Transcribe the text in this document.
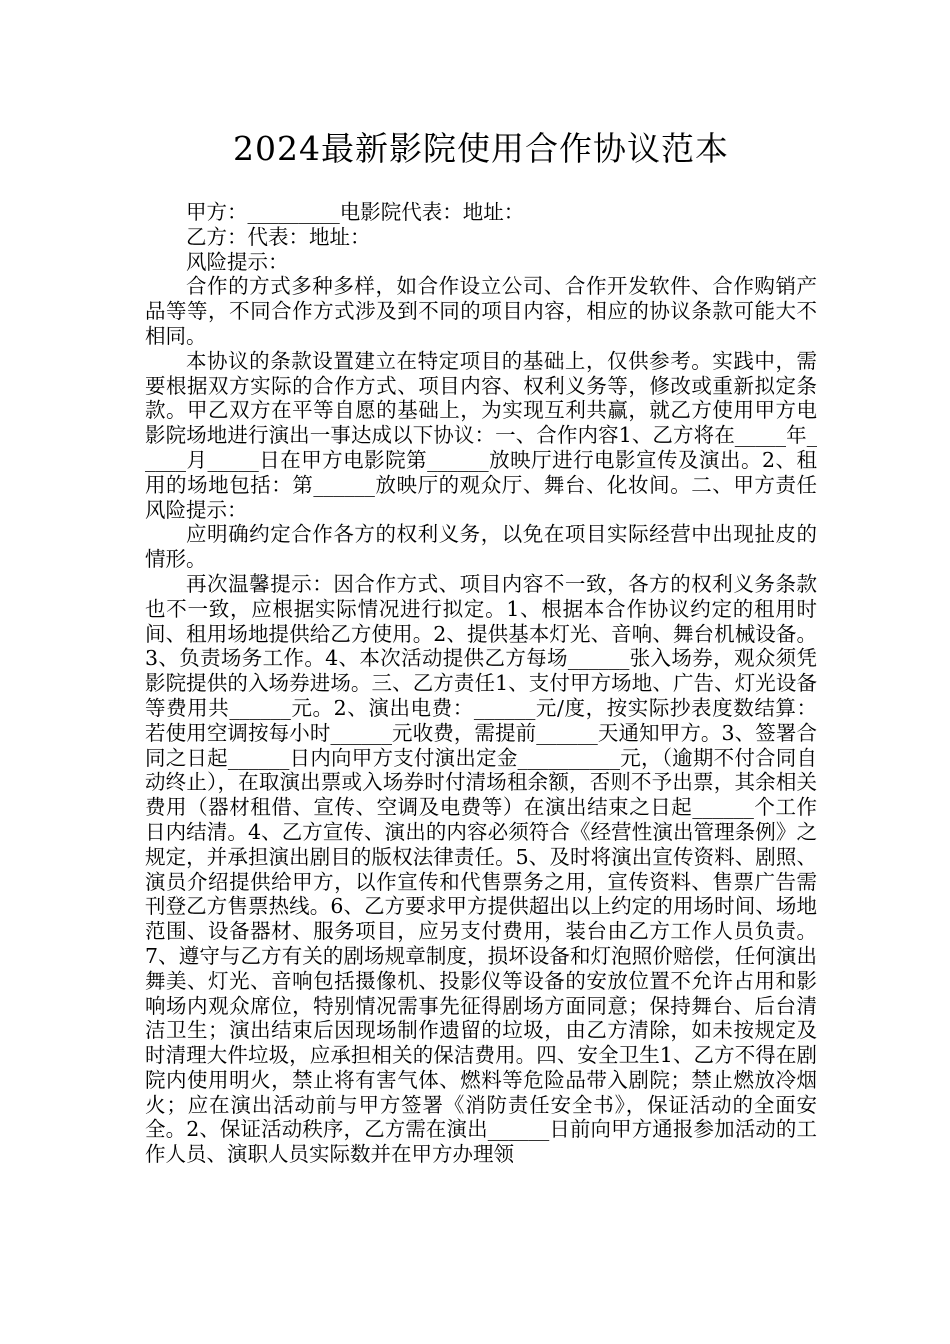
2024最新影院使用合作协议范本

甲方：_________电影院代表：地址：

乙方：代表：地址：

风险提示：

合作的方式多种多样，如合作设立公司、合作开发软件、合作购销产品等等，不同合作方式涉及到不同的项目内容，相应的协议条款可能大不相同。

本协议的条款设置建立在特定项目的基础上，仅供参考。实践中，需要根据双方实际的合作方式、项目内容、权利义务等，修改或重新拟定条款。甲乙双方在平等自愿的基础上，为实现互利共赢，就乙方使用甲方电影院场地进行演出一事达成以下协议：一、合作内容1、乙方将在_____年_____月_____日在甲方电影院第______放映厅进行电影宣传及演出。2、租用的场地包括：第______放映厅的观众厅、舞台、化妆间。二、甲方责任风险提示：

应明确约定合作各方的权利义务，以免在项目实际经营中出现扯皮的情形。

再次温馨提示：因合作方式、项目内容不一致，各方的权利义务条款也不一致，应根据实际情况进行拟定。1、根据本合作协议约定的租用时间、租用场地提供给乙方使用。2、提供基本灯光、音响、舞台机械设备。3、负责场务工作。4、本次活动提供乙方每场______张入场券，观众须凭影院提供的入场券进场。三、乙方责任1、支付甲方场地、广告、灯光设备等费用共______元。2、演出电费：______元/度，按实际抄表度数结算：若使用空调按每小时______元收费，需提前______天通知甲方。3、签署合同之日起______日内向甲方支付演出定金__________元，（逾期不付合同自动终止），在取演出票或入场券时付清场租余额，否则不予出票，其余相关费用（器材租借、宣传、空调及电费等）在演出结束之日起______个工作日内结清。4、乙方宣传、演出的内容必须符合《经营性演出管理条例》之规定，并承担演出剧目的版权法律责任。5、及时将演出宣传资料、剧照、演员介绍提供给甲方，以作宣传和代售票务之用，宣传资料、售票广告需刊登乙方售票热线。6、乙方要求甲方提供超出以上约定的用场时间、场地范围、设备器材、服务项目，应另支付费用，装台由乙方工作人员负责。7、遵守与乙方有关的剧场规章制度，损坏设备和灯泡照价赔偿，任何演出舞美、灯光、音响包括摄像机、投影仪等设备的安放位置不允许占用和影响场内观众席位，特别情况需事先征得剧场方面同意；保持舞台、后台清洁卫生；演出结束后因现场制作遗留的垃圾，由乙方清除，如未按规定及时清理大件垃圾，应承担相关的保洁费用。四、安全卫生1、乙方不得在剧院内使用明火，禁止将有害气体、燃料等危险品带入剧院；禁止燃放冷烟火；应在演出活动前与甲方签署《消防责任安全书》，保证活动的全面安全。2、保证活动秩序，乙方需在演出______日前向甲方通报参加活动的工作人员、演职人员实际数并在甲方办理领
